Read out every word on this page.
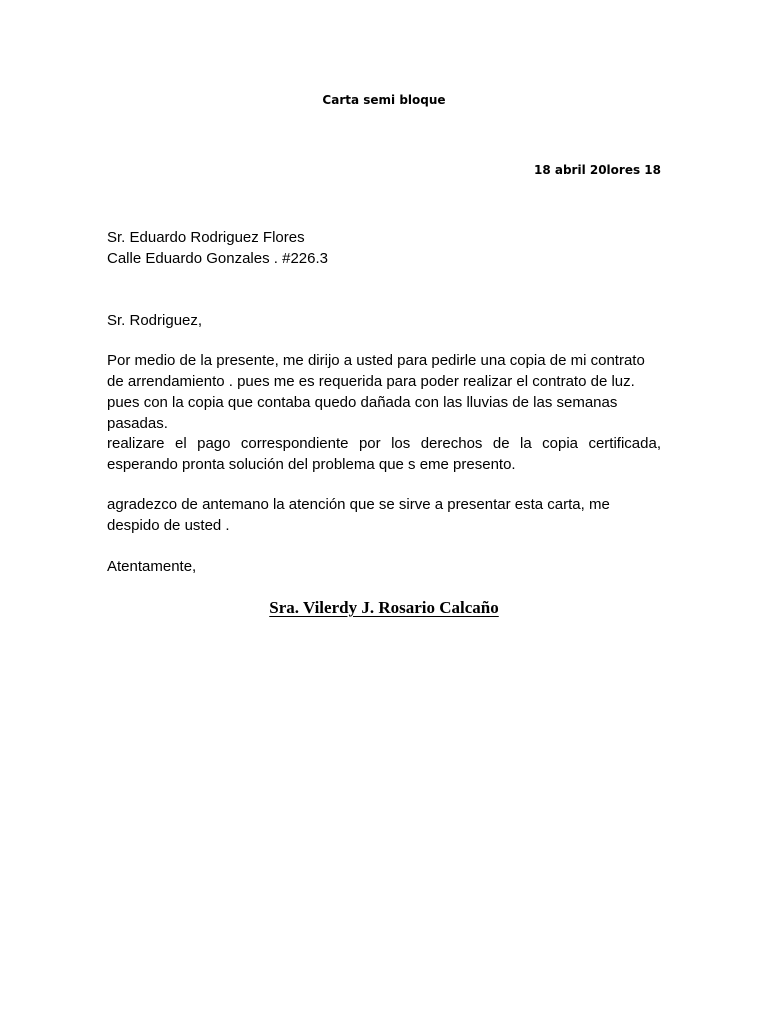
Carta semi bloque
18 abril 20lores 18
Sr. Eduardo Rodriguez Flores
Calle Eduardo Gonzales . #226.3
Sr. Rodriguez,

Por medio de la presente, me dirijo a usted para pedirle una copia de mi contrato de arrendamiento . pues me es requerida para poder realizar el contrato de luz. pues con la copia que contaba quedo dañada con las lluvias de las semanas pasadas.

realizare el pago correspondiente por los derechos de la copia certificada, esperando pronta solución del problema que s eme presento.

agradezco de antemano la atención que se sirve a presentar esta carta, me despido de usted .

Atentamente,
Sra. Vilerdy J. Rosario Calcaño
